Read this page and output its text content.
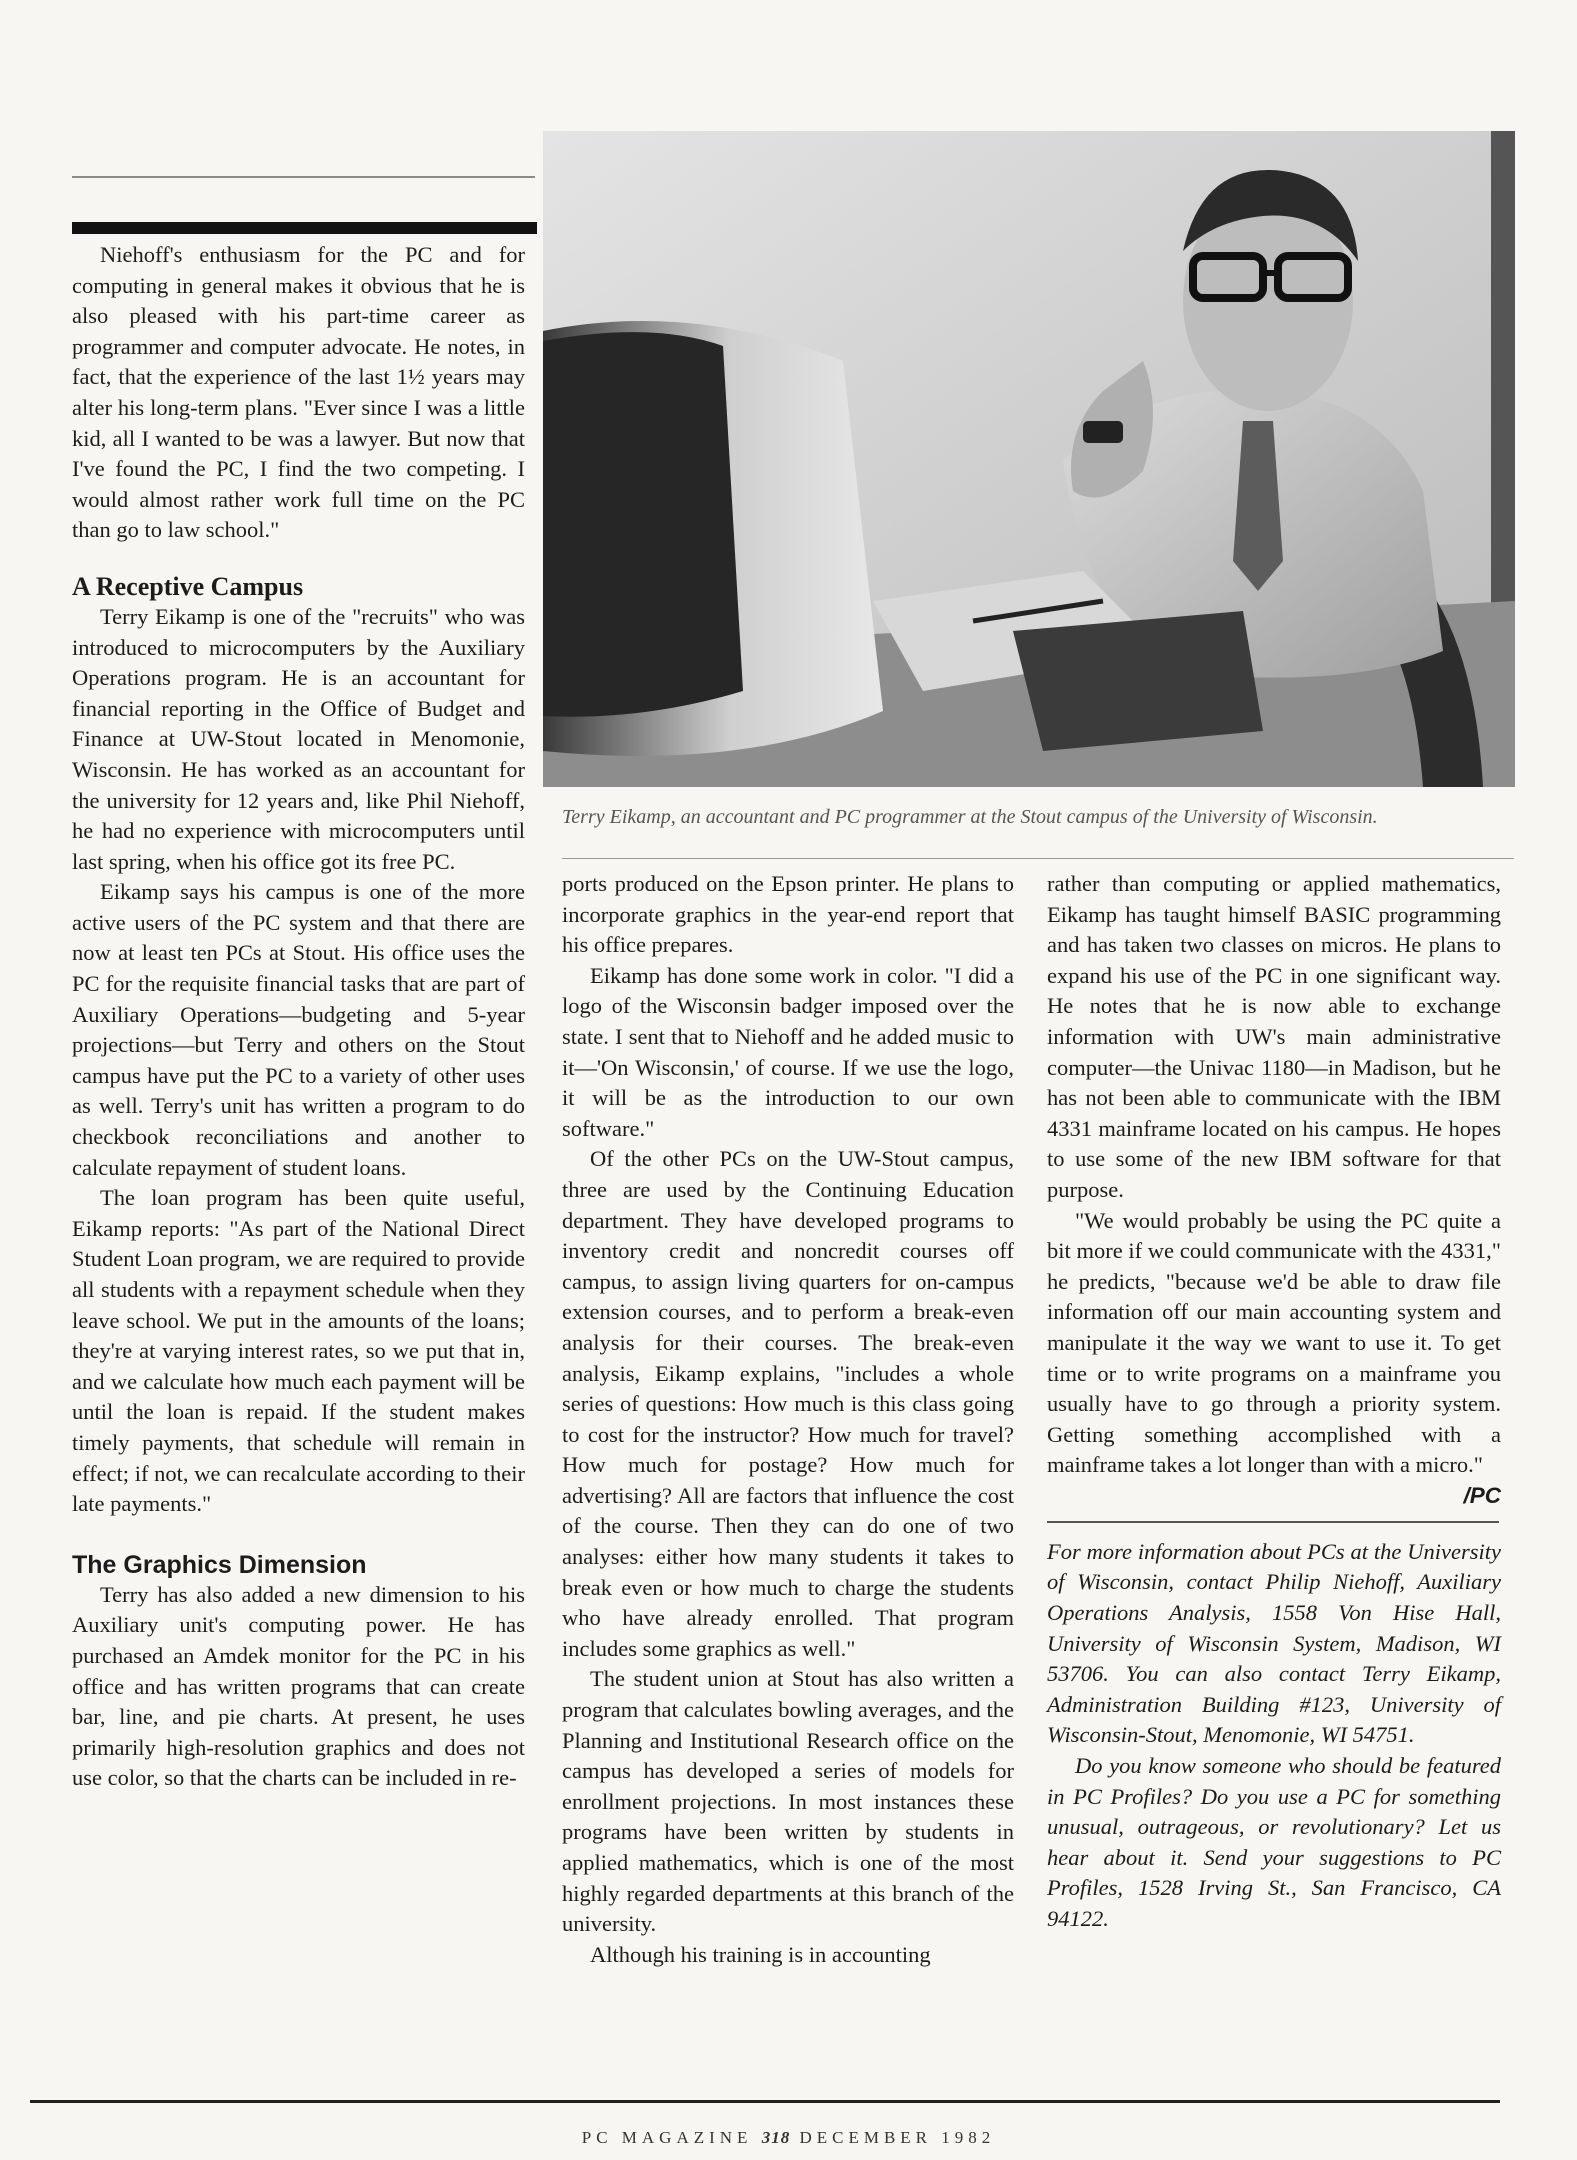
Niehoff's enthusiasm for the PC and for computing in general makes it obvious that he is also pleased with his part-time career as programmer and computer advocate. He notes, in fact, that the experience of the last 1½ years may alter his long-term plans. "Ever since I was a little kid, all I wanted to be was a lawyer. But now that I've found the PC, I find the two competing. I would almost rather work full time on the PC than go to law school."

A Receptive Campus

Terry Eikamp is one of the "recruits" who was introduced to microcomputers by the Auxiliary Operations program. He is an accountant for financial reporting in the Office of Budget and Finance at UW-Stout located in Menomonie, Wisconsin. He has worked as an accountant for the university for 12 years and, like Phil Niehoff, he had no experience with microcomputers until last spring, when his office got its free PC.

Eikamp says his campus is one of the more active users of the PC system and that there are now at least ten PCs at Stout. His office uses the PC for the requisite financial tasks that are part of Auxiliary Operations—budgeting and 5-year projections—but Terry and others on the Stout campus have put the PC to a variety of other uses as well. Terry's unit has written a program to do checkbook reconciliations and another to calculate repayment of student loans.

The loan program has been quite useful, Eikamp reports: "As part of the National Direct Student Loan program, we are required to provide all students with a repayment schedule when they leave school. We put in the amounts of the loans; they're at varying interest rates, so we put that in, and we calculate how much each payment will be until the loan is repaid. If the student makes timely payments, that schedule will remain in effect; if not, we can recalculate according to their late payments."

The Graphics Dimension

Terry has also added a new dimension to his Auxiliary unit's computing power. He has purchased an Amdek monitor for the PC in his office and has written programs that can create bar, line, and pie charts. At present, he uses primarily high-resolution graphics and does not use color, so that the charts can be included in re-

Terry Eikamp, an accountant and PC programmer at the Stout campus of the University of Wisconsin.

ports produced on the Epson printer. He plans to incorporate graphics in the year-end report that his office prepares.

Eikamp has done some work in color. "I did a logo of the Wisconsin badger imposed over the state. I sent that to Niehoff and he added music to it—'On Wisconsin,' of course. If we use the logo, it will be as the introduction to our own software."

Of the other PCs on the UW-Stout campus, three are used by the Continuing Education department. They have developed programs to inventory credit and noncredit courses off campus, to assign living quarters for on-campus extension courses, and to perform a break-even analysis for their courses. The break-even analysis, Eikamp explains, "includes a whole series of questions: How much is this class going to cost for the instructor? How much for travel? How much for postage? How much for advertising? All are factors that influence the cost of the course. Then they can do one of two analyses: either how many students it takes to break even or how much to charge the students who have already enrolled. That program includes some graphics as well."

The student union at Stout has also written a program that calculates bowling averages, and the Planning and Institutional Research office on the campus has developed a series of models for enrollment projections. In most instances these programs have been written by students in applied mathematics, which is one of the most highly regarded departments at this branch of the university.

Although his training is in accounting

rather than computing or applied mathematics, Eikamp has taught himself BASIC programming and has taken two classes on micros. He plans to expand his use of the PC in one significant way. He notes that he is now able to exchange information with UW's main administrative computer—the Univac 1180—in Madison, but he has not been able to communicate with the IBM 4331 mainframe located on his campus. He hopes to use some of the new IBM software for that purpose.

"We would probably be using the PC quite a bit more if we could communicate with the 4331," he predicts, "because we'd be able to draw file information off our main accounting system and manipulate it the way we want to use it. To get time or to write programs on a mainframe you usually have to go through a priority system. Getting something accomplished with a mainframe takes a lot longer than with a micro."
/PC

For more information about PCs at the University of Wisconsin, contact Philip Niehoff, Auxiliary Operations Analysis, 1558 Von Hise Hall, University of Wisconsin System, Madison, WI 53706. You can also contact Terry Eikamp, Administration Building #123, University of Wisconsin-Stout, Menomonie, WI 54751.

Do you know someone who should be featured in PC Profiles? Do you use a PC for something unusual, outrageous, or revolutionary? Let us hear about it. Send your suggestions to PC Profiles, 1528 Irving St., San Francisco, CA 94122.

PC MAGAZINE 318 DECEMBER 1982
